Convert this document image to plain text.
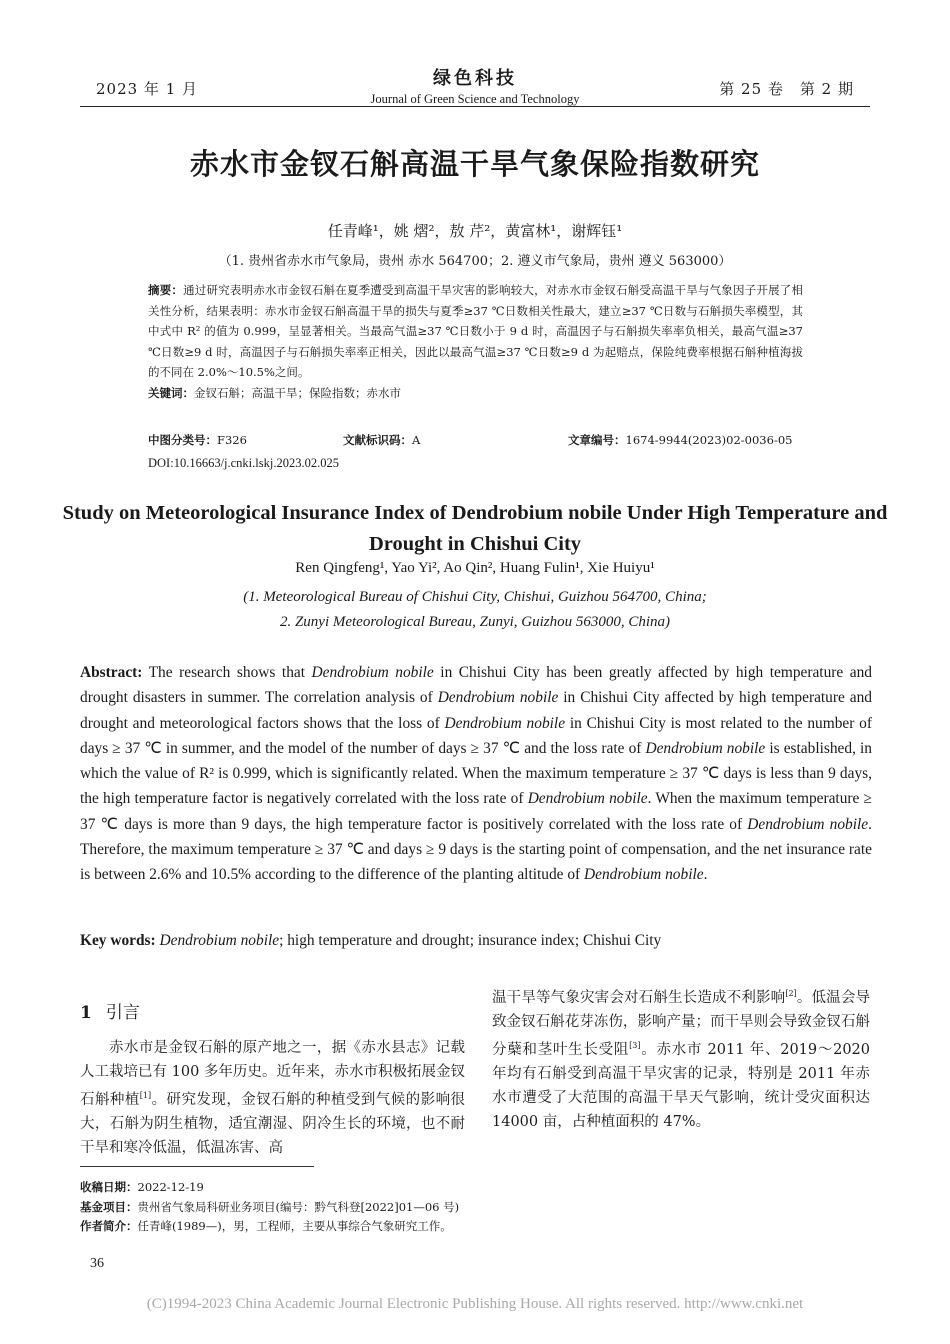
2023 年 1 月	绿色科技
Journal of Green Science and Technology
第 25 卷　第 2 期
赤水市金钗石斛高温干旱气象保险指数研究
任青峰¹，姚 熠²，敖 芹²，黄富林¹，谢辉钰¹
（1. 贵州省赤水市气象局，贵州 赤水 564700；2. 遵义市气象局，贵州 遵义 563000）
摘要：通过研究表明赤水市金钗石斛在夏季遭受到高温干旱灾害的影响较大，对赤水市金钗石斛受高温干旱与气象因子开展了相关性分析，结果表明：赤水市金钗石斛高温干旱的损失与夏季≥37 ℃日数相关性最大，建立≥37 ℃日数与石斛损失率模型，其中式中 R² 的值为 0.999，呈显著相关。当最高气温≥37 ℃日数小于 9 d 时，高温因子与石斛损失率率负相关，最高气温≥37 ℃日数≥9 d 时，高温因子与石斛损失率率正相关，因此以最高气温≥37 ℃日数≥9 d 为起赔点，保险纯费率根据石斛种植海拔的不同在 2.0%～10.5%之间。
关键词：金钗石斛；高温干旱；保险指数；赤水市
中图分类号：F326	文献标识码：A	文章编号：1674-9944(2023)02-0036-05
DOI:10.16663/j.cnki.lskj.2023.02.025
Study on Meteorological Insurance Index of Dendrobium nobile Under High Temperature and Drought in Chishui City
Ren Qingfeng¹, Yao Yi², Ao Qin², Huang Fulin¹, Xie Huiyu¹
(1. Meteorological Bureau of Chishui City, Chishui, Guizhou 564700, China;
2. Zunyi Meteorological Bureau, Zunyi, Guizhou 563000, China)
Abstract: The research shows that Dendrobium nobile in Chishui City has been greatly affected by high temperature and drought disasters in summer. The correlation analysis of Dendrobium nobile in Chishui City affected by high temperature and drought and meteorological factors shows that the loss of Dendrobium nobile in Chishui City is most related to the number of days ≥ 37 ℃ in summer, and the model of the number of days ≥ 37 ℃ and the loss rate of Dendrobium nobile is established, in which the value of R² is 0.999, which is significantly related. When the maximum temperature ≥ 37 ℃ days is less than 9 days, the high temperature factor is negatively correlated with the loss rate of Dendrobium nobile. When the maximum temperature ≥ 37 ℃ days is more than 9 days, the high temperature factor is positively correlated with the loss rate of Dendrobium nobile. Therefore, the maximum temperature ≥ 37 ℃ and days ≥ 9 days is the starting point of compensation, and the net insurance rate is between 2.6% and 10.5% according to the difference of the planting altitude of Dendrobium nobile.
Key words: Dendrobium nobile; high temperature and drought; insurance index; Chishui City
1 引言
赤水市是金钗石斛的原产地之一，据《赤水县志》记载人工栽培已有 100 多年历史。近年来，赤水市积极拓展金钗石斛种植[1]。研究发现，金钗石斛的种植受到气候的影响很大，石斛为阴生植物，适宜潮湿、阴冷生长的环境，也不耐干旱和寒冷低温，低温冻害、高
温干旱等气象灾害会对石斛生长造成不利影响[2]。低温会导致金钗石斛花芽冻伤，影响产量；而干旱则会导致金钗石斛分蘖和茎叶生长受阻[3]。赤水市 2011 年、2019～2020 年均有石斛受到高温干旱灾害的记录，特别是 2011 年赤水市遭受了大范围的高温干旱天气影响，统计受灾面积达 14000 亩，占种植面积的 47%。
收稿日期：2022-12-19
基金项目：贵州省气象局科研业务项目(编号：黔气科登[2022]01—06 号)
作者简介：任青峰(1989—)，男，工程师，主要从事综合气象研究工作。
36
(C)1994-2023 China Academic Journal Electronic Publishing House. All rights reserved. http://www.cnki.net
